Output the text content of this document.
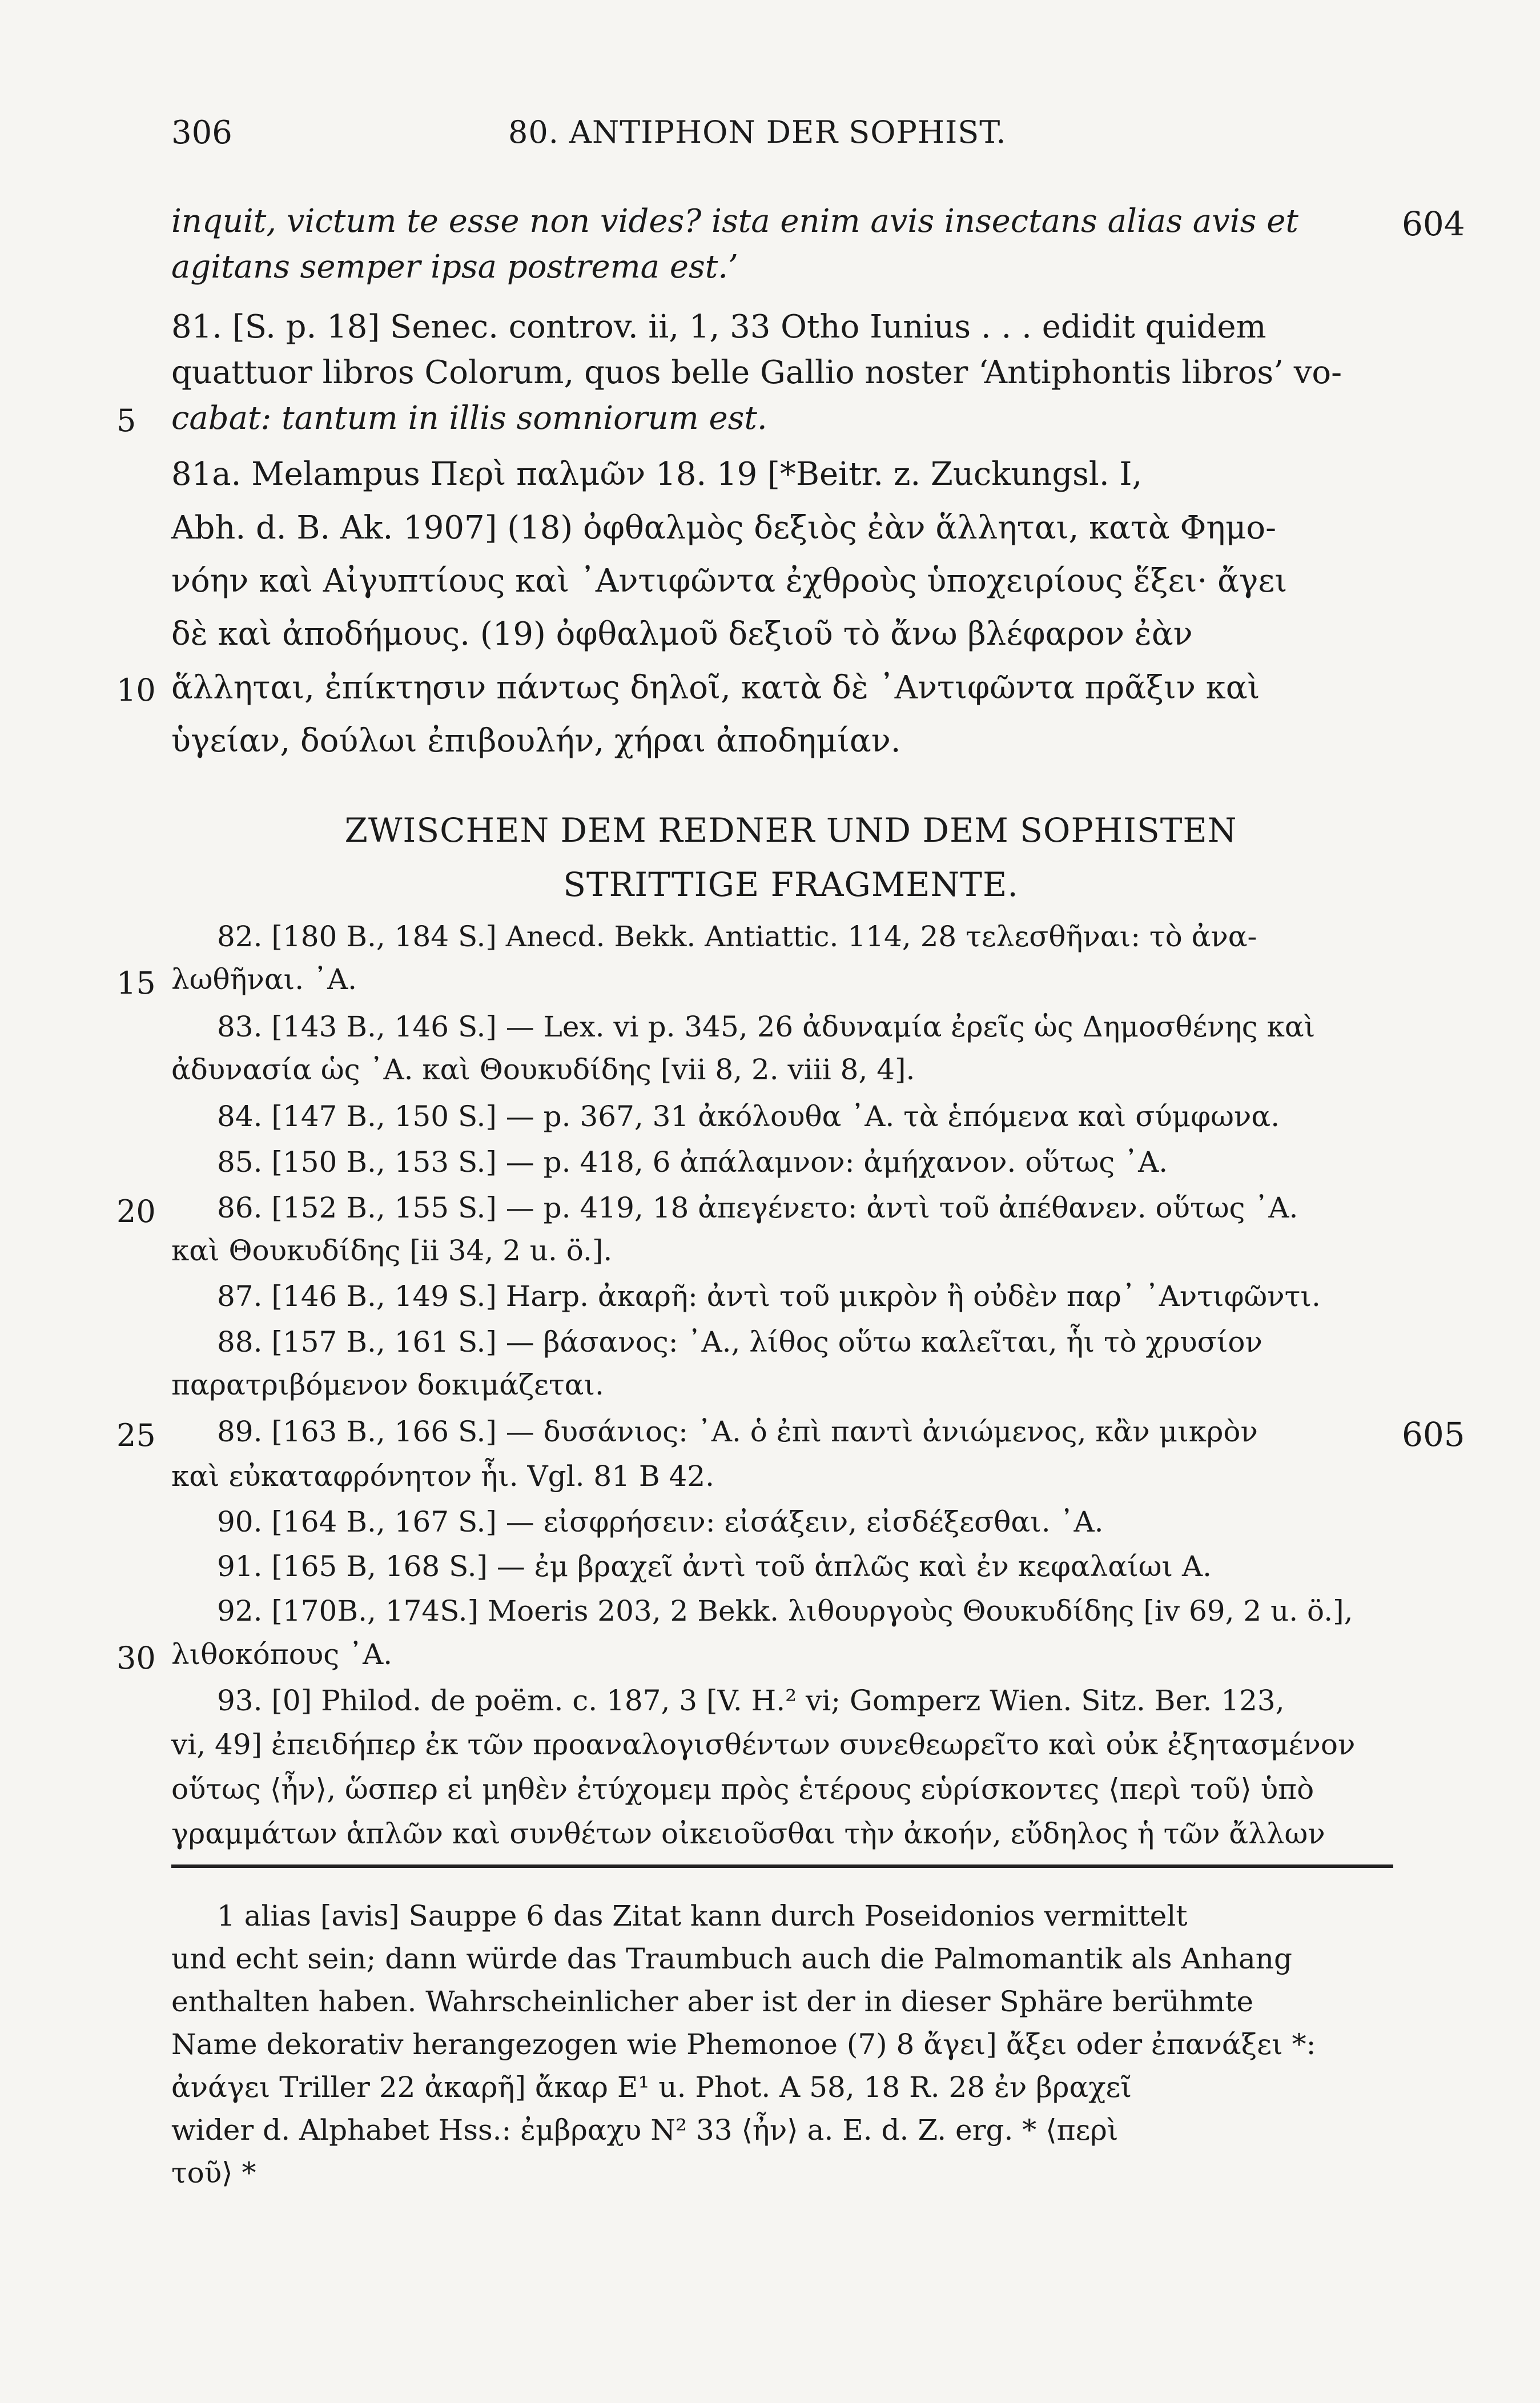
306	80. ANTIPHON DER SOPHIST.
inquit, victum te esse non vides? ista enim avis insectans alias avis et	604
agitans semper ipsa postrema est.’
81. [S. p. 18] Senec. controv. ii, 1, 33 Otho Iunius . . . edidit quidem
quattuor libros Colorum, quos belle Gallio noster ‘Antiphontis libros’ vo-
5 cabat: tantum in illis somniorum est.
81a. Melampus Περὶ παλμῶν 18. 19 [*Beitr. z. Zuckungsl. I,
Abh. d. B. Ak. 1907] (18) ὀφθαλμὸς δεξιὸς ἐὰν ἅλληται, κατὰ Φημο-
νόην καὶ Αἰγυπτίους καὶ ᾿Αντιφῶντα ἐχθροὺς ὑποχειρίους ἕξει· ἄγει
δὲ καὶ ἀποδήμους. (19) ὀφθαλμοῦ δεξιοῦ τὸ ἄνω βλέφαρον ἐὰν
10 ἅλληται, ἐπίκτησιν πάντως δηλοῖ, κατὰ δὲ ᾿Αντιφῶντα πρᾶξιν καὶ
ὑγείαν, δούλωι ἐπιβουλήν, χήραι ἀποδημίαν.
ZWISCHEN DEM REDNER UND DEM SOPHISTEN
STRITTIGE FRAGMENTE.
82. [180 B., 184 S.] Anecd. Bekk. Antiattic. 114, 28 τελεσθῆναι: τὸ ἀνα-
15 λωθῆναι. ᾿Α.
83. [143 B., 146 S.] — Lex. vi p. 345, 26 ἀδυναμία ἐρεῖς ὡς Δημοσθένης καὶ
ἀδυνασία ὡς ᾿Α. καὶ Θουκυδίδης [vii 8, 2. viii 8, 4].
84. [147 B., 150 S.] — p. 367, 31 ἀκόλουθα ᾿Α. τὰ ἑπόμενα καὶ σύμφωνα.
85. [150 B., 153 S.] — p. 418, 6 ἀπάλαμνον: ἀμήχανον. οὕτως ᾿Α.
20	86. [152 B., 155 S.] — p. 419, 18 ἀπεγένετο: ἀντὶ τοῦ ἀπέθανεν. οὕτως ᾿Α.
καὶ Θουκυδίδης [ii 34, 2 u. ö.].
87. [146 B., 149 S.] Harp. ἀκαρῆ: ἀντὶ τοῦ μικρὸν ἢ οὐδὲν παρ᾿ ᾿Αντιφῶντι.
88. [157 B., 161 S.] — βάσανος: ᾿Α., λίθος οὕτω καλεῖται, ἧι τὸ χρυσίον
παρατριβόμενον δοκιμάζεται.
25	89. [163 B., 166 S.] — δυσάνιος: ᾿Α. ὁ ἐπὶ παντὶ ἀνιώμενος, κἂν μικρὸν	605
καὶ εὐκαταφρόνητον ἧι. Vgl. 81 B 42.
90. [164 B., 167 S.] — εἰσφρήσειν: εἰσάξειν, εἰσδέξεσθαι. ᾿Α.
91. [165 B, 168 S.] — ἐμ βραχεῖ ἀντὶ τοῦ ἁπλῶς καὶ ἐν κεφαλαίωι Α.
92. [170B., 174S.] Moeris 203, 2 Bekk. λιθουργοὺς Θουκυδίδης [iv 69, 2 u. ö.],
30 λιθοκόπους ᾿Α.
93. [0] Philod. de poëm. c. 187, 3 [V. H.² vi; Gomperz Wien. Sitz. Ber. 123,
vi, 49] ἐπειδήπερ ἐκ τῶν προαναλογισθέντων συνεθεωρεῖτο καὶ οὐκ ἐξητασμένον
οὕτως ⟨ἦν⟩, ὥσπερ εἰ μηθὲν ἐτύχομεμ πρὸς ἑτέρους εὑρίσκοντες ⟨περὶ τοῦ⟩ ὑπὸ
γραμμάτων ἁπλῶν καὶ συνθέτων οἰκειοῦσθαι τὴν ἀκοήν, εὔδηλος ἡ τῶν ἄλλων
1 alias [avis] Sauppe 6 das Zitat kann durch Poseidonios vermittelt
und echt sein; dann würde das Traumbuch auch die Palmomantik als Anhang
enthalten haben. Wahrscheinlicher aber ist der in dieser Sphäre berühmte
Name dekorativ herangezogen wie Phemonoe (7) 8 ἄγει] ἄξει oder ἐπανάξει *:
ἀνάγει Triller 22 ἀκαρῆ] ἄκαρ E¹ u. Phot. A 58, 18 R. 28 ἐν βραχεῖ
wider d. Alphabet Hss.: ἐμβραχυ N² 33 ⟨ἦν⟩ a. E. d. Z. erg. * ⟨περὶ
τοῦ⟩ *
